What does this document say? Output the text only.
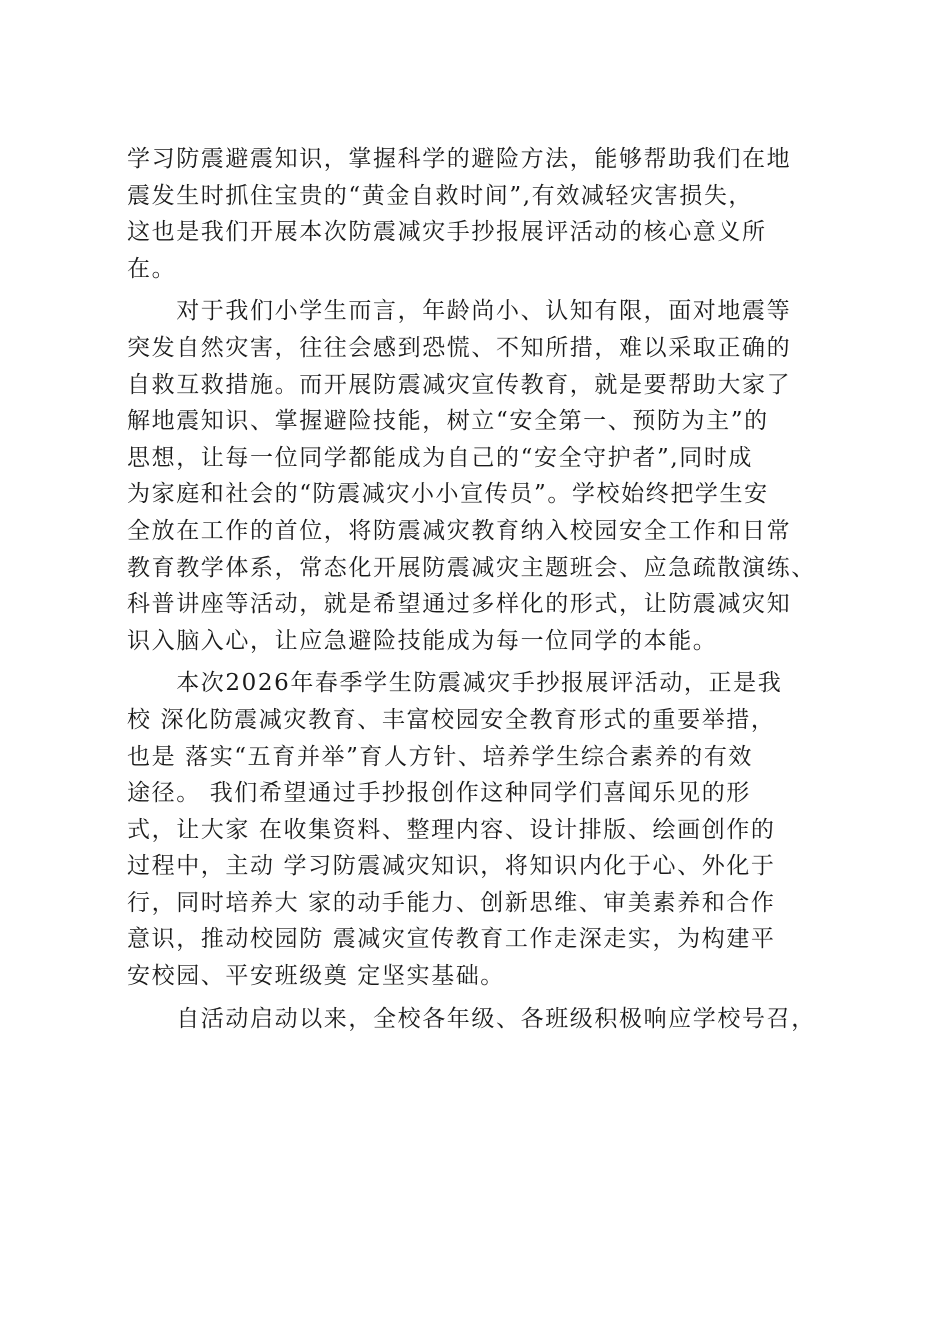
学习防震避震知识，掌握科学的避险方法，能够帮助我们在地
震发生时抓住宝贵的“黄金自救时间”,有效减轻灾害损失，
这也是我们开展本次防震减灾手抄报展评活动的核心意义所
在。
　　对于我们小学生而言，年龄尚小、认知有限，面对地震等
突发自然灾害，往往会感到恐慌、不知所措，难以采取正确的
自救互救措施。而开展防震减灾宣传教育，就是要帮助大家了
解地震知识、掌握避险技能，树立“安全第一、预防为主”的
思想，让每一位同学都能成为自己的“安全守护者”,同时成
为家庭和社会的“防震减灾小小宣传员”。学校始终把学生安
全放在工作的首位，将防震减灾教育纳入校园安全工作和日常
教育教学体系，常态化开展防震减灾主题班会、应急疏散演练、
科普讲座等活动，就是希望通过多样化的形式，让防震减灾知
识入脑入心，让应急避险技能成为每一位同学的本能。
　　本次2026年春季学生防震减灾手抄报展评活动，正是我
校 深化防震减灾教育、丰富校园安全教育形式的重要举措，
也是 落实“五育并举”育人方针、培养学生综合素养的有效
途径。 我们希望通过手抄报创作这种同学们喜闻乐见的形
式，让大家 在收集资料、整理内容、设计排版、绘画创作的
过程中，主动 学习防震减灾知识，将知识内化于心、外化于
行，同时培养大 家的动手能力、创新思维、审美素养和合作
意识，推动校园防 震减灾宣传教育工作走深走实，为构建平
安校园、平安班级奠 定坚实基础。
　　自活动启动以来，全校各年级、各班级积极响应学校号召，
